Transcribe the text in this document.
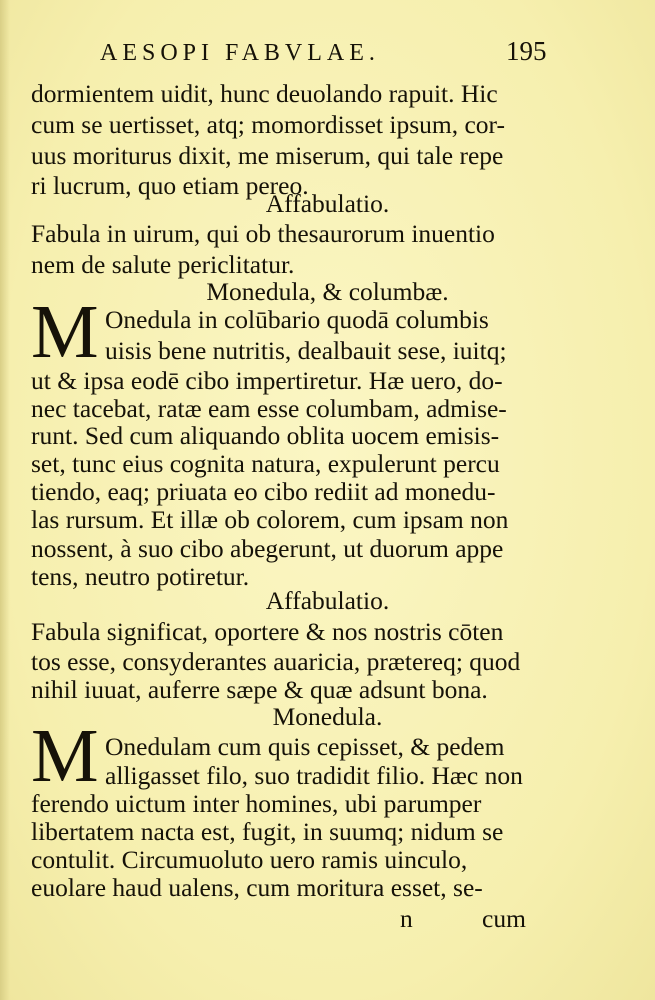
AESOPI FABVLAE.	195
dormientem uidit, hunc deuolando rapuit. Hic
cum se uertisset, atq; momordisset ipsum, cor-
uus moriturus dixit, me miserum, qui tale repe
ri lucrum, quo etiam pereo.
Affabulatio.
Fabula in uirum, qui ob thesaurorum inuentio
nem de salute periclitatur.
Monedula, & columbæ.
M Onedula in colūbario quodā columbis
uisis bene nutritis, dealbauit sese, iuitq;
ut & ipsa eodē cibo impertiretur. Hæ uero, do-
nec tacebat, ratæ eam esse columbam, admise-
runt. Sed cum aliquando oblita uocem emisis-
set, tunc eius cognita natura, expulerunt percu
tiendo, eaq; priuata eo cibo rediit ad monedu-
las rursum. Et illæ ob colorem, cum ipsam non
nossent, à suo cibo abegerunt, ut duorum appe
tens, neutro potiretur.
Affabulatio.
Fabula significat, oportere & nos nostris cōten
tos esse, consyderantes auaricia, prætereq; quod
nihil iuuat, auferre sæpe & quæ adsunt bona.
Monedula.
M Onedulam cum quis cepisset, & pedem
alligasset filo, suo tradidit filio. Hæc non
ferendo uictum inter homines, ubi parumper
libertatem nacta est, fugit, in suumq; nidum se
contulit. Circumuoluto uero ramis uinculo,
euolare haud ualens, cum moritura esset, se-
n	cum
